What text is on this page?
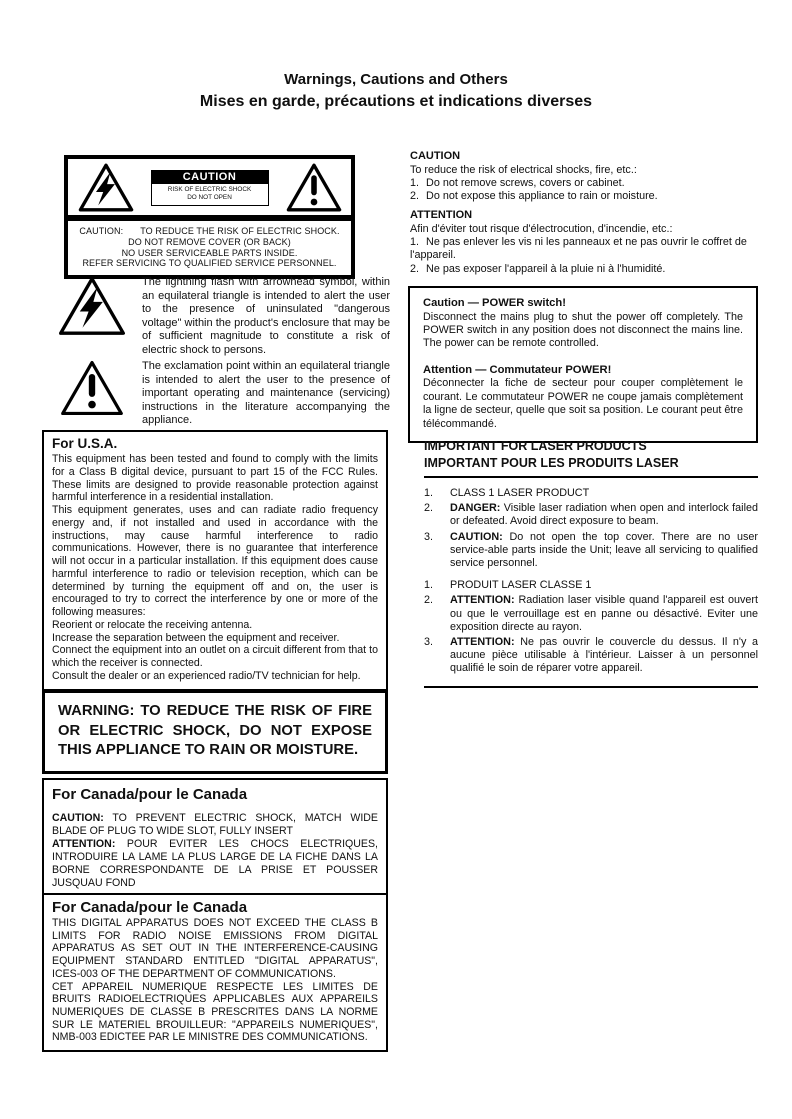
Warnings, Cautions and Others
Mises en garde, précautions et indications diverses
CAUTION
RISK OF ELECTRIC SHOCK
DO NOT OPEN
CAUTION: TO REDUCE THE RISK OF ELECTRIC SHOCK.
DO NOT REMOVE COVER (OR BACK)
NO USER SERVICEABLE PARTS INSIDE.
REFER SERVICING TO QUALIFIED SERVICE PERSONNEL.
The lightning flash with arrowhead symbol, within an equilateral triangle is intended to alert the user to the presence of uninsulated "dangerous voltage" within the product's enclosure that may be of sufficient magnitude to constitute a risk of electric shock to persons.
The exclamation point within an equilateral triangle is intended to alert the user to the presence of important operating and maintenance (servicing) instructions in the literature accompanying the appliance.
For U.S.A.

This equipment has been tested and found to comply with the limits for a Class B digital device, pursuant to part 15 of the FCC Rules. These limits are designed to provide reasonable protection against harmful interference in a residential installation.

This equipment generates, uses and can radiate radio frequency energy and, if not installed and used in accordance with the instructions, may cause harmful interference to radio communications. However, there is no guarantee that interference will not occur in a particular installation. If this equipment does cause harmful interference to radio or television reception, which can be determined by turning the equipment off and on, the user is encouraged to try to correct the interference by one or more of the following measures:

Reorient or relocate the receiving antenna.

Increase the separation between the equipment and receiver.

Connect the equipment into an outlet on a circuit different from that to which the receiver is connected.

Consult the dealer or an experienced radio/TV technician for help.

WARNING: TO REDUCE THE RISK OF FIRE OR ELECTRIC SHOCK, DO NOT EXPOSE THIS APPLIANCE TO RAIN OR MOISTURE.
For Canada/pour le Canada

CAUTION: TO PREVENT ELECTRIC SHOCK, MATCH WIDE BLADE OF PLUG TO WIDE SLOT, FULLY INSERT

ATTENTION: POUR EVITER LES CHOCS ELECTRIQUES, INTRODUIRE LA LAME LA PLUS LARGE DE LA FICHE DANS LA BORNE CORRESPONDANTE DE LA PRISE ET POUSSER JUSQUAU FOND

For Canada/pour le Canada

THIS DIGITAL APPARATUS DOES NOT EXCEED THE CLASS B LIMITS FOR RADIO NOISE EMISSIONS FROM DIGITAL APPARATUS AS SET OUT IN THE INTERFERENCE-CAUSING EQUIPMENT STANDARD ENTITLED "DIGITAL APPARATUS", ICES-003 OF THE DEPARTMENT OF COMMUNICATIONS.

CET APPAREIL NUMERIQUE RESPECTE LES LIMITES DE BRUITS RADIOELECTRIQUES APPLICABLES AUX APPAREILS NUMERIQUES DE CLASSE B PRESCRITES DANS LA NORME SUR LE MATERIEL BROUILLEUR: "APPAREILS NUMERIQUES", NMB-003 EDICTEE PAR LE MINISTRE DES COMMUNICATIONS.

CAUTION

To reduce the risk of electrical shocks, fire, etc.:

1. Do not remove screws, covers or cabinet.

2. Do not expose this appliance to rain or moisture.

ATTENTION

Afin d'éviter tout risque d'électrocution, d'incendie, etc.:

1. Ne pas enlever les vis ni les panneaux et ne pas ouvrir le coffret de l'appareil.

2. Ne pas exposer l'appareil à la pluie ni à l'humidité.

Caution — POWER switch!

Disconnect the mains plug to shut the power off completely. The POWER switch in any position does not disconnect the mains line. The power can be remote controlled.

Attention — Commutateur POWER!

Déconnecter la fiche de secteur pour couper complètement le courant. Le commutateur POWER ne coupe jamais complètement la ligne de secteur, quelle que soit sa position. Le courant peut être télécommandé.

IMPORTANT FOR LASER PRODUCTS
IMPORTANT POUR LES PRODUITS LASER
1.	CLASS 1 LASER PRODUCT
2.	DANGER: Visible laser radiation when open and interlock failed or defeated. Avoid direct exposure to beam.
3.	CAUTION: Do not open the top cover. There are no user service-able parts inside the Unit; leave all servicing to qualified service personnel.
1.	PRODUIT LASER CLASSE 1
2.	ATTENTION: Radiation laser visible quand l'appareil est ouvert ou que le verrouillage est en panne ou désactivé. Eviter une exposition directe au rayon.
3.	ATTENTION: Ne pas ouvrir le couvercle du dessus. Il n'y a aucune pièce utilisable à l'intérieur. Laisser à un personnel qualifié le soin de réparer votre appareil.
